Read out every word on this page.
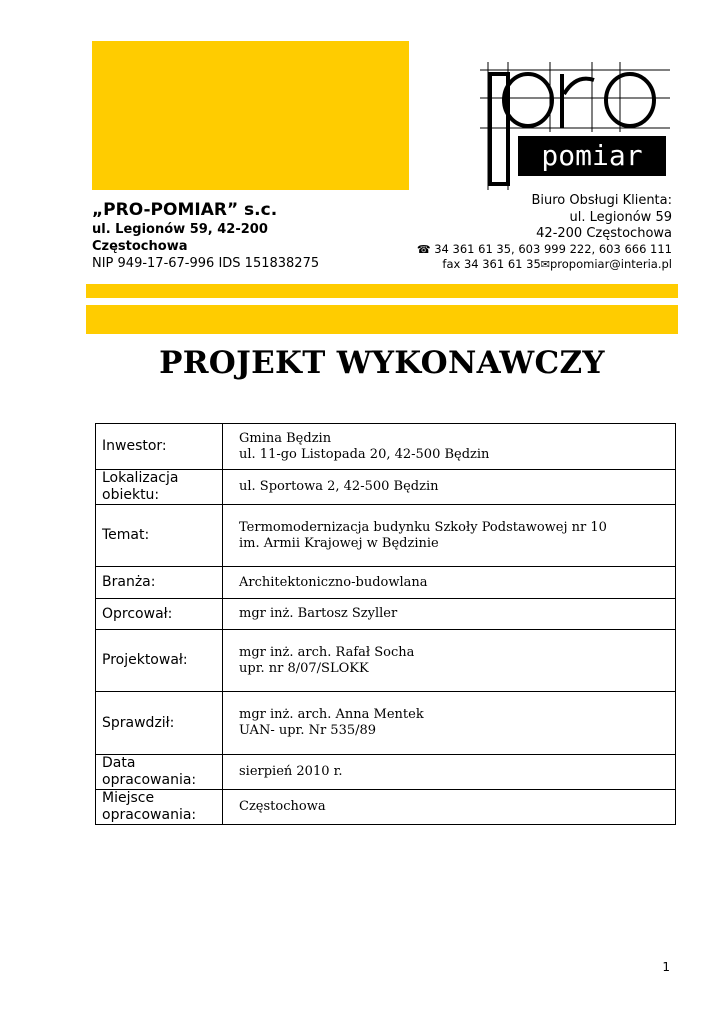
pomiar
„PRO-POMIAR” s.c.
ul. Legionów 59, 42-200
Częstochowa
NIP 949-17-67-996 IDS 151838275
Biuro Obsługi Klienta:
ul. Legionów 59
42-200 Częstochowa
☎ 34 361 61 35, 603 999 222, 603 666 111
fax 34 361 61 35✉propomiar@interia.pl
PROJEKT WYKONAWCZY
Inwestor:	Gmina Będzin
ul. 11-go Listopada 20, 42-500 Będzin

Lokalizacja obiektu:	ul. Sportowa 2, 42-500 Będzin

Temat:	Termomodernizacja budynku Szkoły Podstawowej nr 10
im. Armii Krajowej w Będzinie

Branża:	Architektoniczno-budowlana

Oprcował:	mgr inż. Bartosz Szyller

Projektował:	mgr inż. arch. Rafał Socha
upr. nr 8/07/SLOKK

Sprawdził:	mgr inż. arch. Anna Mentek
UAN- upr. Nr 535/89

Data opracowania:	sierpień 2010 r.

Miejsce opracowania:	Częstochowa
1
